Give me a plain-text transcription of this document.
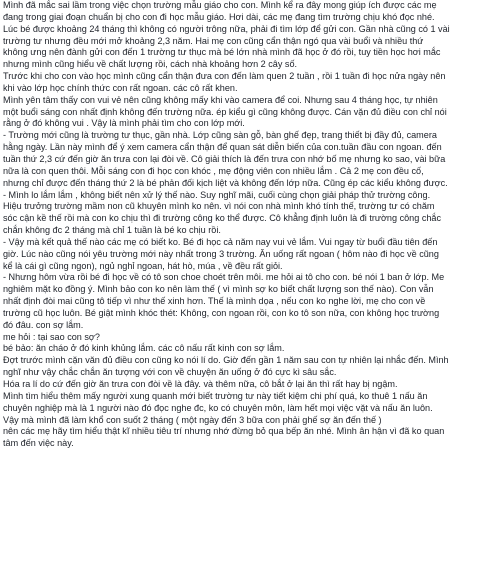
Mình đã mắc sai lầm trong việc chọn trường mẫu giáo cho con. Mình kể ra đây mong giúp ích được các mẹ
đang trong giai đoạn chuẩn bị cho con đi học mẫu giáo. Hơi dài, các mẹ đang tìm trường chịu khó đọc nhé.
Lúc bé được khoảng 24 tháng thì không có người trông nữa, phải đi tìm lớp để gửi con. Gần nhà cũng có 1 vài
trường tư nhưng đều mới mở khoảng 2,3 năm. Hai mẹ con cũng cẩn thận ngó qua vài buổi và nhiều thứ
không ưng nên đành gửi con đến 1 trường tư thục mà bé lớn nhà mình đã học ở đó rồi, tuy tiền học hơi mắc
nhưng mình cũng hiểu về chất lượng rồi, cách nhà khoảng hơn 2 cây số.
Trước khi cho con vào học mình cũng cẩn thận đưa con đến làm quen 2 tuần , rồi 1 tuần đi học nửa ngày nên
khi vào lớp học chính thức con rất ngoan. các cô rất khen.
Mình yên tâm thấy con vui vẻ nên cũng không mấy khi vào camera để coi. Nhưng sau 4 tháng học, tự nhiên
một buổi sáng con nhất định không đến trường nữa. ép kiểu gì cũng không được. Cán vặn đủ điều con chỉ nói
rằng ở đó không vui . Vậy là mình phải tìm cho con lớp mới.
- Trường mới cũng là trường tư thục, gần nhà. Lớp cũng sàn gỗ, bàn ghế đẹp, trang thiết bị đầy đủ, camera
hằng ngày. Lần này mình để ý xem camera cẩn thận để quan sát diễn biến của con.tuần đầu con ngoan. đến
tuần thứ 2,3 cứ đến giờ ăn trưa con lại đòi về. Cô giải thích là đến trưa con nhớ bố mẹ nhưng ko sao, vài bữa
nữa là con quen thôi. Mỗi sáng con đi học con khóc , mẹ động viên con nhiều lắm . Cả 2 mẹ con đều cố,
nhưng chỉ được đến tháng thứ 2 là bé phản đối kịch liệt và không đến lớp nữa. Cũng ép các kiểu không được.
- Mình lo lắm lắm , không biết nên xử lý thế nào. Suy nghĩ mãi, cuối cùng chọn giải pháp thử trường công.
Hiệu trưởng trường mầm non cũ khuyên mình ko nên. vì nói con nhà mình khó tính thế, trường tư có chăm
sóc cận kề thế rồi mà con ko chịu thì đi trường công ko thể được. Cô khẳng định luôn là đi trường công chắc
chắn không đc 2 tháng mà chỉ 1 tuần là bé ko chịu rồi.
- Vậy mà kết quả thế nào các mẹ có biết ko. Bé đi học cả năm nay vui vẻ lắm. Vui ngay từ buổi đầu tiên đến
giờ. Lúc nào cũng nói yêu trường mới này nhất trong 3 trường. Ăn uống rất ngoan ( hôm nào đi học về cũng
kể là cái gì cũng ngon), ngủ nghỉ ngoan, hát hò, múa , về đều rất giỏi.
- Nhưng hôm vừa rồi bé đi học về có tô son choe choét trên môi. me hỏi ai tô cho con. bé nói 1 ban ở lớp. Me
nghiêm mặt ko đồng ý. Mình bảo con ko nên làm thế ( vì mình sợ ko biết chất lượng son thế nào). Con vẫn
nhất định đòi mai cũng tô tiếp vì như thế xinh hơn. Thế là mình dọa , nếu con ko nghe lời, mẹ cho con về
trường cũ học luôn. Bé giật mình khóc thét: Không, con ngoan rồi, con ko tô son nữa, con không học trường
đó đâu. con sợ lắm.
me hỏi : tại sao con sợ?
bé bảo: ăn cháo ở đó kinh khủng lắm. các cô nấu rất kinh con sợ lắm.
Đợt trước mình cặn văn đủ điều con cũng ko nói lí do. Giờ đến gần 1 năm sau con tự nhiên lại nhắc đến. Mình
nghĩ như vậy chắc chắn ăn tượng với con về chuyện ăn uống ở đó cực kì sâu sắc.
Hóa ra lí do cứ đến giờ ăn trưa con đòi về là đây. và thêm nữa, cô bắt ở lại ăn thì rất hay bị ngậm.
Mình tìm hiểu thêm mấy người xung quanh mới biết trường tư này tiết kiệm chi phí quá, ko thuê 1 nấu ăn
chuyên nghiệp mà là 1 người nào đó đọc nghe đc, ko có chuyên môn, làm hết mọi việc vặt và nấu ăn luôn.
Vậy mà mình đã làm khổ con suốt 2 tháng ( một ngày đến 3 bữa con phải ghế sợ ăn đến thế )
nên các mẹ hãy tìm hiểu thật kĩ nhiều tiêu trí nhưng nhớ đừng bỏ qua bếp ăn nhé. Mình ân hận vì đã ko quan
tâm đến việc này.
